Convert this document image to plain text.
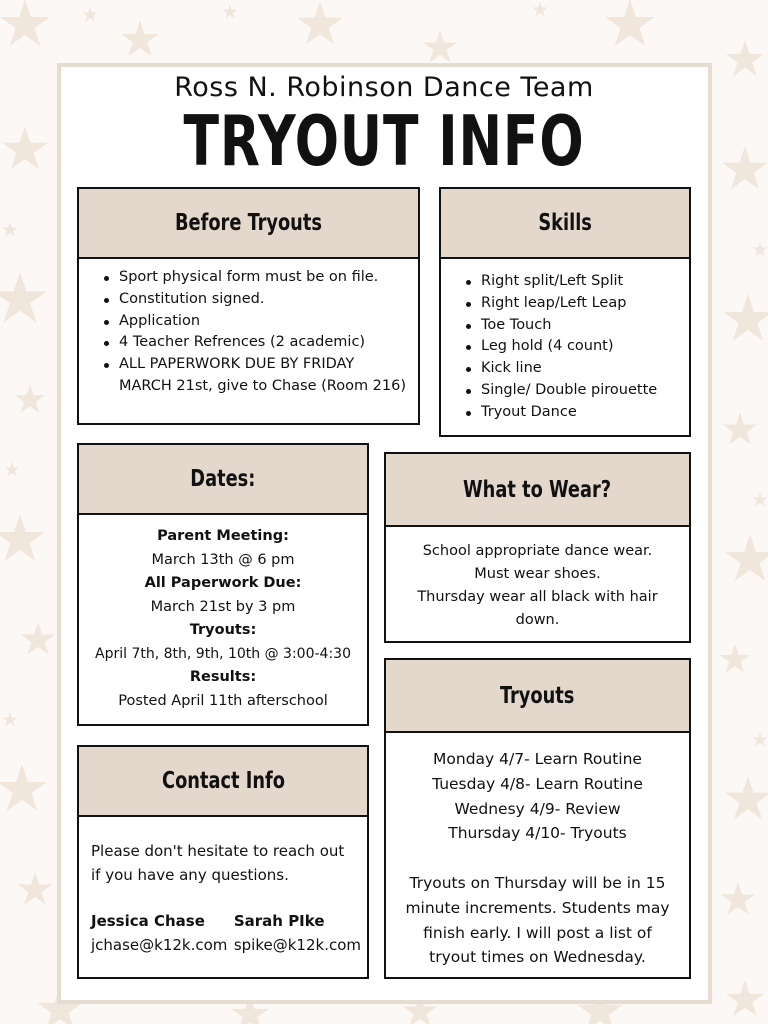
Ross N. Robinson Dance Team
TRYOUT INFO
Before Tryouts
Sport physical form must be on file.
Constitution signed.
Application
4 Teacher Refrences (2 academic)
ALL PAPERWORK DUE BY FRIDAY MARCH 21st, give to Chase (Room 216)
Skills
Right split/Left Split
Right leap/Left Leap
Toe Touch
Leg hold (4 count)
Kick line
Single/ Double pirouette
Tryout Dance
Dates:
Parent Meeting:
March 13th @ 6 pm
All Paperwork Due:
March 21st by 3 pm
Tryouts:
April 7th, 8th, 9th, 10th @ 3:00-4:30
Results:
Posted April 11th afterschool
What to Wear?
School appropriate dance wear.
Must wear shoes.
Thursday wear all black with hair
down.
Contact Info
Please don't hesitate to reach out
if you have any questions.
Jessica Chase
jchase@k12k.com
Sarah PIke
spike@k12k.com
Tryouts
Monday 4/7- Learn Routine
Tuesday 4/8- Learn Routine
Wednesy 4/9- Review
Thursday 4/10- Tryouts
Tryouts on Thursday will be in 15
minute increments. Students may
finish early. I will post a list of
tryout times on Wednesday.
